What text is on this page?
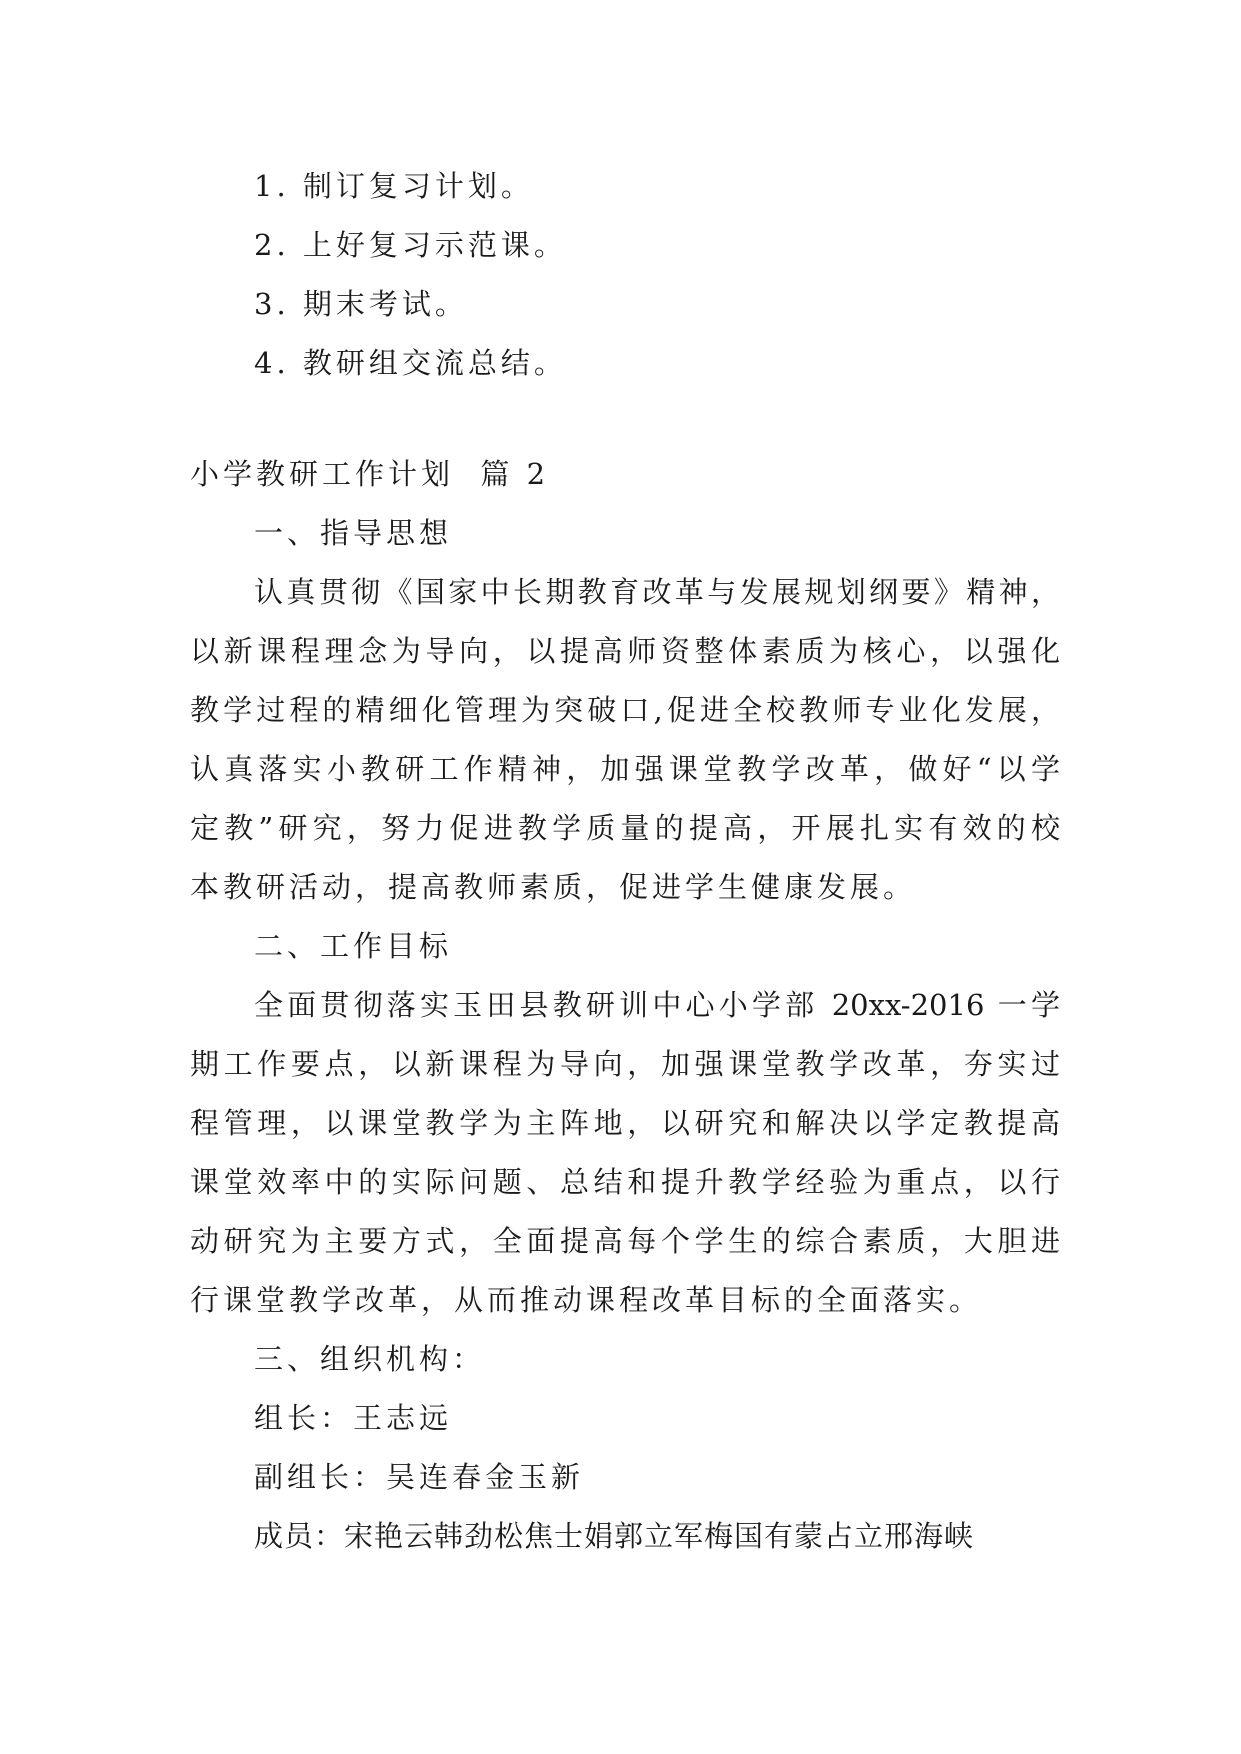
1. 制订复习计划。
2. 上好复习示范课。
3. 期末考试。
4. 教研组交流总结。
小学教研工作计划  篇 2
一、指导思想
认真贯彻《国家中长期教育改革与发展规划纲要》精神，
以新课程理念为导向，以提高师资整体素质为核心，以强化
教学过程的精细化管理为突破口,促进全校教师专业化发展，
认真落实小教研工作精神，加强课堂教学改革，做好“以学
定教”研究，努力促进教学质量的提高，开展扎实有效的校
本教研活动，提高教师素质，促进学生健康发展。
二、工作目标
全面贯彻落实玉田县教研训中心小学部 20xx-2016 一学
期工作要点，以新课程为导向，加强课堂教学改革，夯实过
程管理，以课堂教学为主阵地，以研究和解决以学定教提高
课堂效率中的实际问题、总结和提升教学经验为重点，以行
动研究为主要方式，全面提高每个学生的综合素质，大胆进
行课堂教学改革，从而推动课程改革目标的全面落实。
三、组织机构：
组长：王志远
副组长：吴连春金玉新
成员：宋艳云韩劲松焦士娟郭立军梅国有蒙占立邢海峡
